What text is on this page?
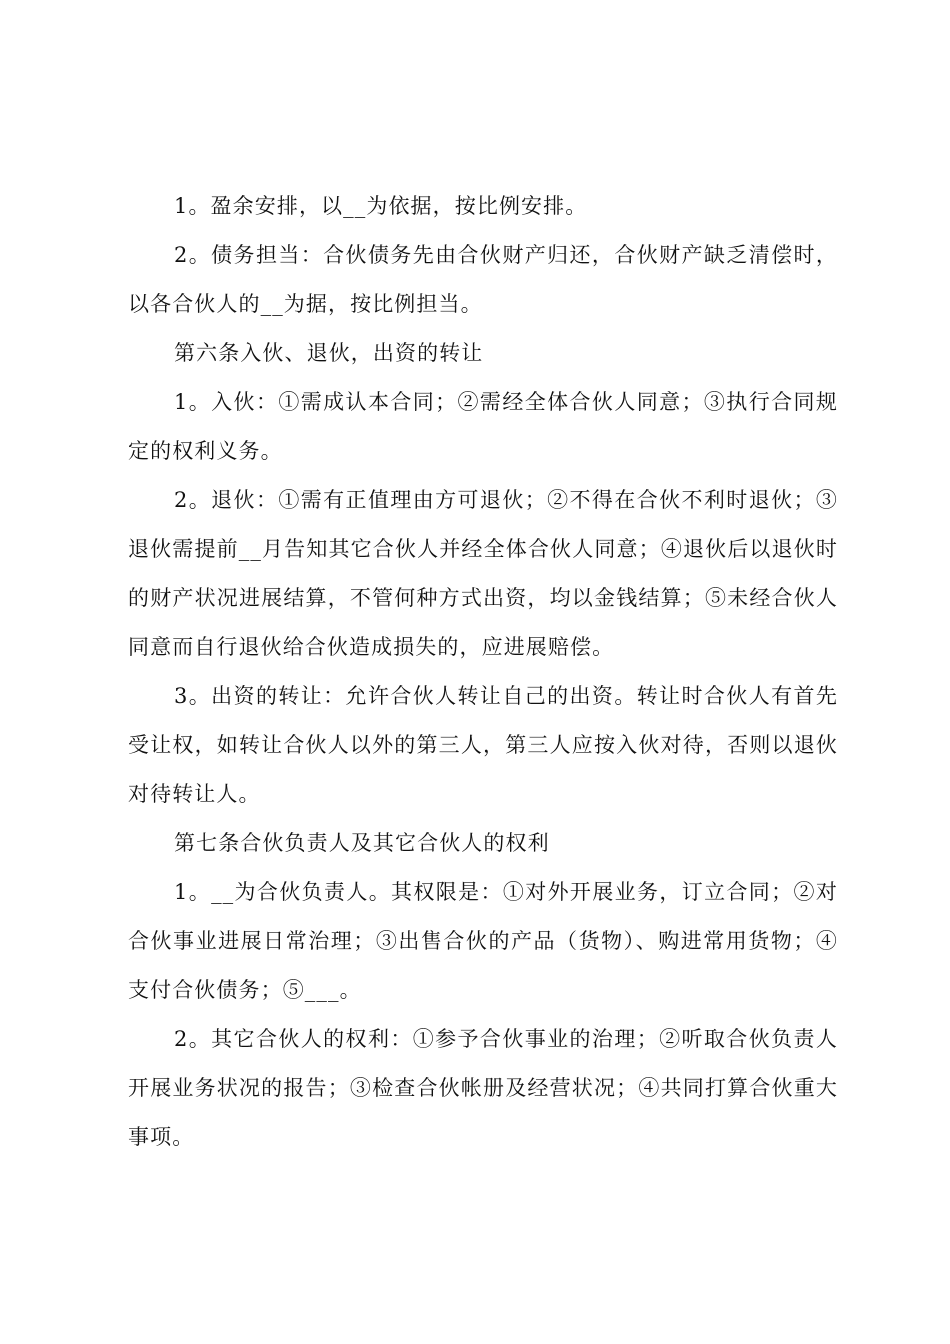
1。盈余安排，以__为依据，按比例安排。

2。债务担当：合伙债务先由合伙财产归还，合伙财产缺乏清偿时，以各合伙人的__为据，按比例担当。

第六条入伙、退伙，出资的转让

1。入伙：①需成认本合同；②需经全体合伙人同意；③执行合同规定的权利义务。

2。退伙：①需有正值理由方可退伙；②不得在合伙不利时退伙；③退伙需提前__月告知其它合伙人并经全体合伙人同意；④退伙后以退伙时的财产状况进展结算，不管何种方式出资，均以金钱结算；⑤未经合伙人同意而自行退伙给合伙造成损失的，应进展赔偿。

3。出资的转让：允许合伙人转让自己的出资。转让时合伙人有首先受让权，如转让合伙人以外的第三人，第三人应按入伙对待，否则以退伙对待转让人。

第七条合伙负责人及其它合伙人的权利

1。__为合伙负责人。其权限是：①对外开展业务，订立合同；②对合伙事业进展日常治理；③出售合伙的产品（货物）、购进常用货物；④支付合伙债务；⑤___。

2。其它合伙人的权利：①参予合伙事业的治理；②听取合伙负责人开展业务状况的报告；③检查合伙帐册及经营状况；④共同打算合伙重大事项。
